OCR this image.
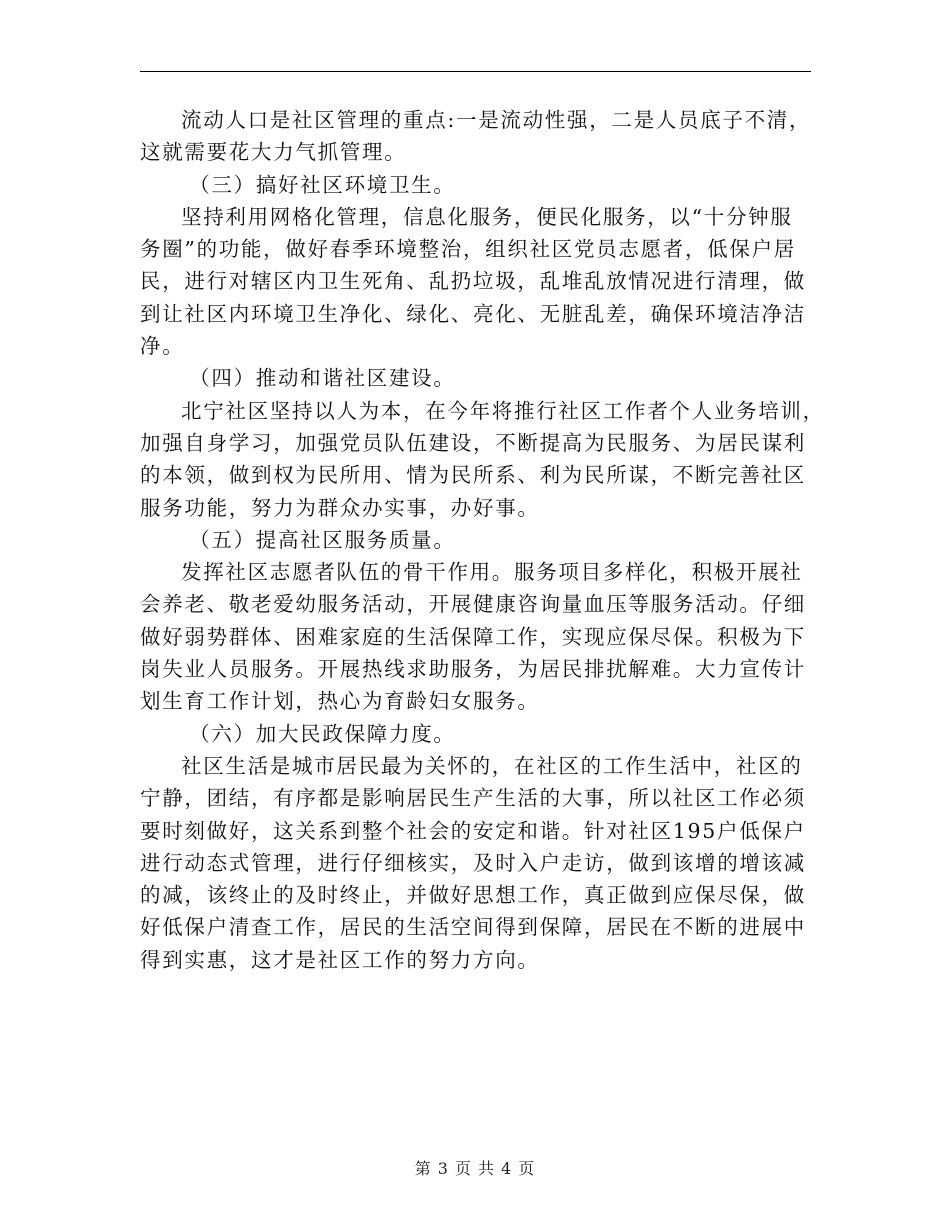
流动人口是社区管理的重点:一是流动性强，二是人员底子不清，
这就需要花大力气抓管理。

（三）搞好社区环境卫生。

坚持利用网格化管理，信息化服务，便民化服务，以“十分钟服
务圈”的功能，做好春季环境整治，组织社区党员志愿者，低保户居
民，进行对辖区内卫生死角、乱扔垃圾，乱堆乱放情况进行清理，做
到让社区内环境卫生净化、绿化、亮化、无脏乱差，确保环境洁净洁
净。

（四）推动和谐社区建设。

北宁社区坚持以人为本，在今年将推行社区工作者个人业务培训，
加强自身学习，加强党员队伍建设，不断提高为民服务、为居民谋利
的本领，做到权为民所用、情为民所系、利为民所谋，不断完善社区
服务功能，努力为群众办实事，办好事。

（五）提高社区服务质量。

发挥社区志愿者队伍的骨干作用。服务项目多样化，积极开展社
会养老、敬老爱幼服务活动，开展健康咨询量血压等服务活动。仔细
做好弱势群体、困难家庭的生活保障工作，实现应保尽保。积极为下
岗失业人员服务。开展热线求助服务，为居民排扰解难。大力宣传计
划生育工作计划，热心为育龄妇女服务。

（六）加大民政保障力度。

社区生活是城市居民最为关怀的，在社区的工作生活中，社区的
宁静，团结，有序都是影响居民生产生活的大事，所以社区工作必须
要时刻做好，这关系到整个社会的安定和谐。针对社区195户低保户
进行动态式管理，进行仔细核实，及时入户走访，做到该增的增该减
的减，该终止的及时终止，并做好思想工作，真正做到应保尽保，做
好低保户清查工作，居民的生活空间得到保障，居民在不断的进展中
得到实惠，这才是社区工作的努力方向。

第 3 页 共 4 页
